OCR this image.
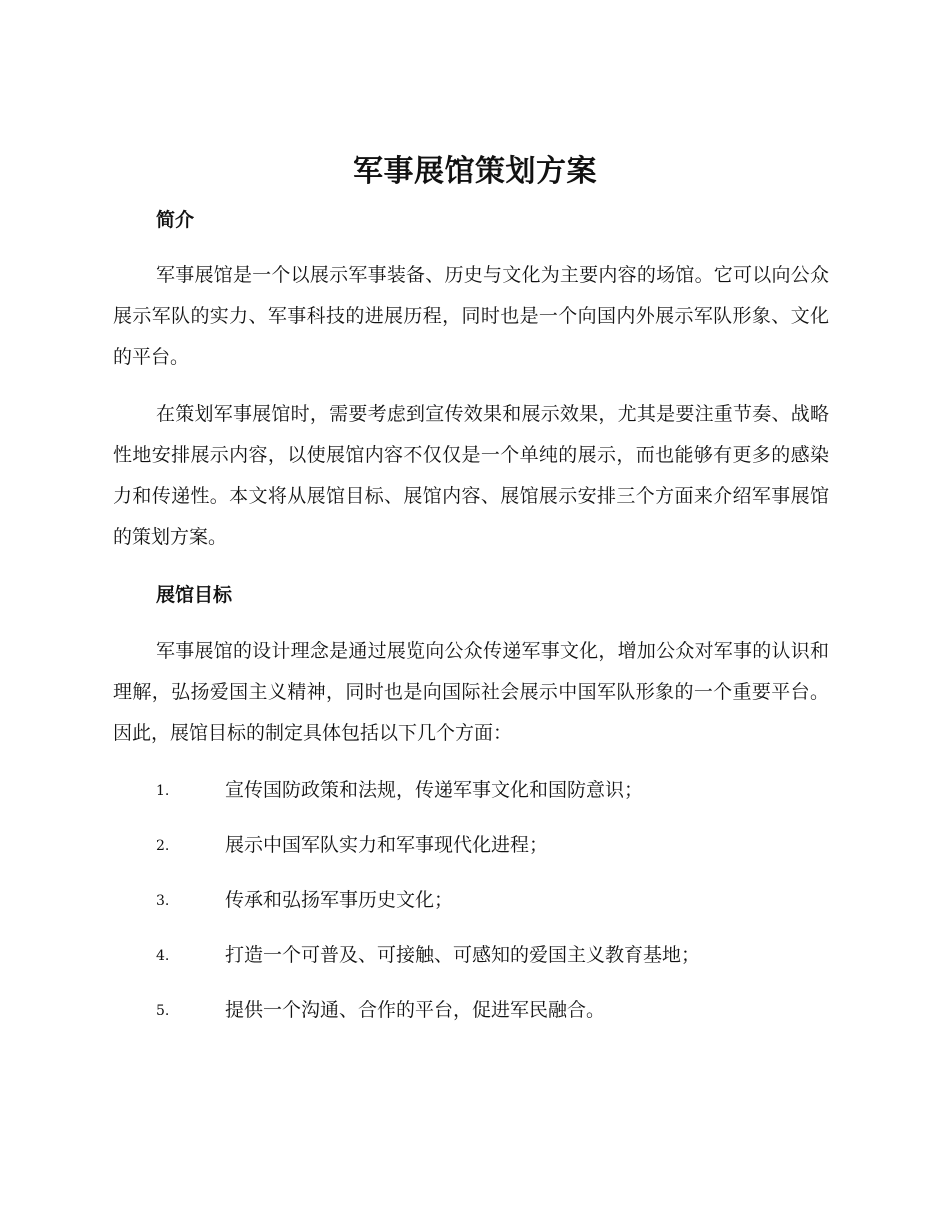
军事展馆策划方案
简介

军事展馆是一个以展示军事装备、历史与文化为主要内容的场馆。它可以向公众展示军队的实力、军事科技的进展历程，同时也是一个向国内外展示军队形象、文化的平台。

在策划军事展馆时，需要考虑到宣传效果和展示效果，尤其是要注重节奏、战略性地安排展示内容，以使展馆内容不仅仅是一个单纯的展示，而也能够有更多的感染力和传递性。本文将从展馆目标、展馆内容、展馆展示安排三个方面来介绍军事展馆的策划方案。

展馆目标

军事展馆的设计理念是通过展览向公众传递军事文化，增加公众对军事的认识和理解，弘扬爱国主义精神，同时也是向国际社会展示中国军队形象的一个重要平台。因此，展馆目标的制定具体包括以下几个方面：

1.	宣传国防政策和法规，传递军事文化和国防意识；
2.	展示中国军队实力和军事现代化进程；
3.	传承和弘扬军事历史文化；
4.	打造一个可普及、可接触、可感知的爱国主义教育基地；
5.	提供一个沟通、合作的平台，促进军民融合。
